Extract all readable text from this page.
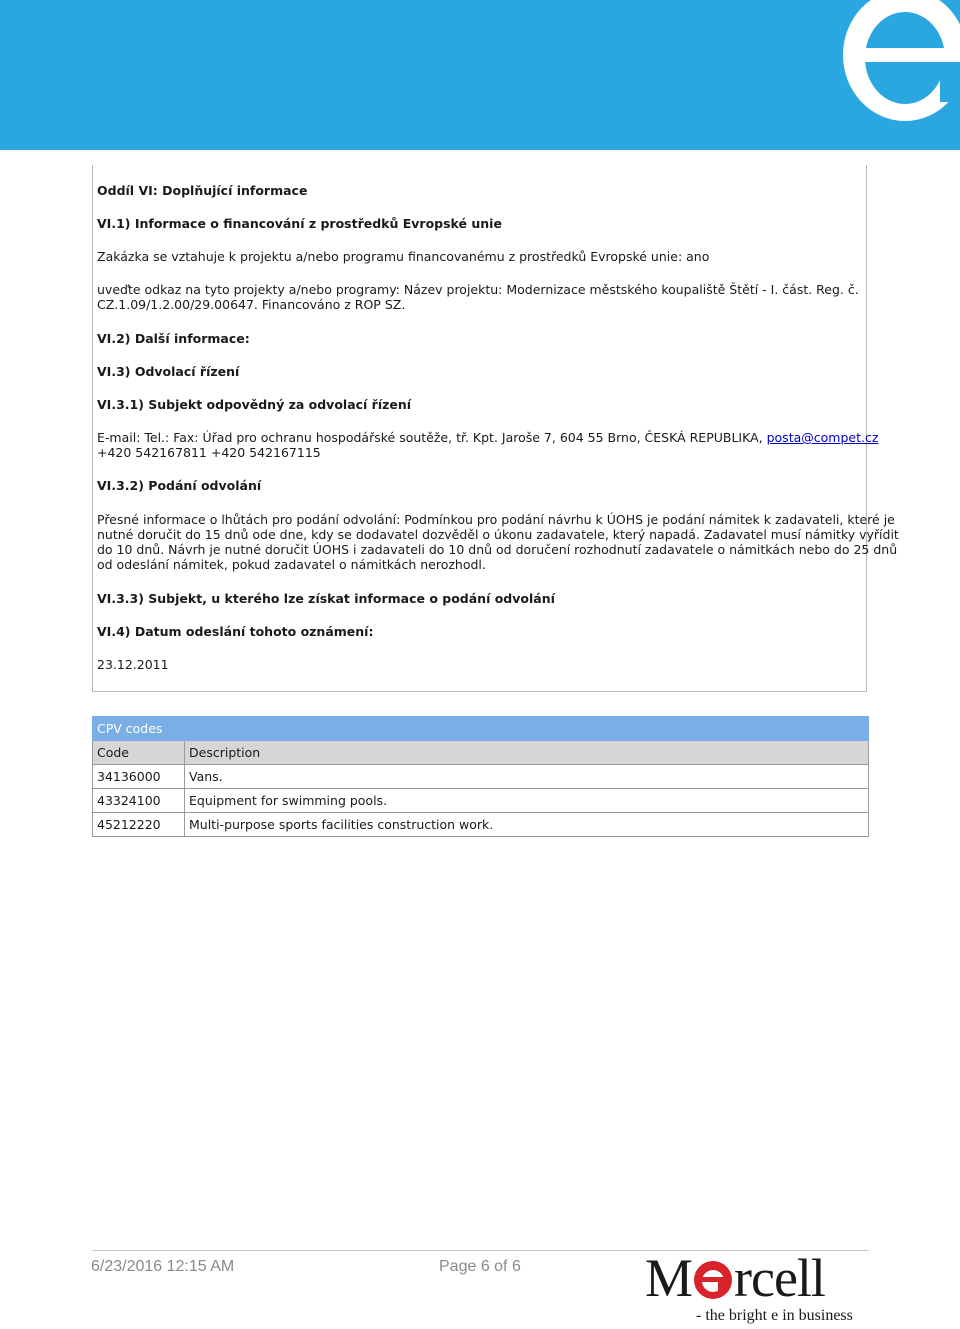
Oddíl VI: Doplňující informace
VI.1) Informace o financování z prostředků Evropské unie
Zakázka se vztahuje k projektu a/nebo programu financovanému z prostředků Evropské unie: ano
uveďte odkaz na tyto projekty a/nebo programy: Název projektu: Modernizace městského koupaliště Štětí - I. část. Reg. č.
CZ.1.09/1.2.00/29.00647. Financováno z ROP SZ.
VI.2) Další informace:
VI.3) Odvolací řízení
VI.3.1) Subjekt odpovědný za odvolací řízení
E-mail: Tel.: Fax: Úřad pro ochranu hospodářské soutěže, tř. Kpt. Jaroše 7, 604 55 Brno, ČESKÁ REPUBLIKA, posta@compet.cz
+420 542167811 +420 542167115
VI.3.2) Podání odvolání
Přesné informace o lhůtách pro podání odvolání: Podmínkou pro podání návrhu k ÚOHS je podání námitek k zadavateli, které je
nutné doručit do 15 dnů ode dne, kdy se dodavatel dozvěděl o úkonu zadavatele, který napadá. Zadavatel musí námitky vyřídit
do 10 dnů. Návrh je nutné doručit ÚOHS i zadavateli do 10 dnů od doručení rozhodnutí zadavatele o námitkách nebo do 25 dnů
od odeslání námitek, pokud zadavatel o námitkách nerozhodl.
VI.3.3) Subjekt, u kterého lze získat informace o podání odvolání
VI.4) Datum odeslání tohoto oznámení:
23.12.2011
CPV codes	
Code	Description
34136000	Vans.
43324100	Equipment for swimming pools.
45212220	Multi-purpose sports facilities construction work.
6/23/2016 12:15 AM	Page 6 of 6 M rcell
- the bright e in business
